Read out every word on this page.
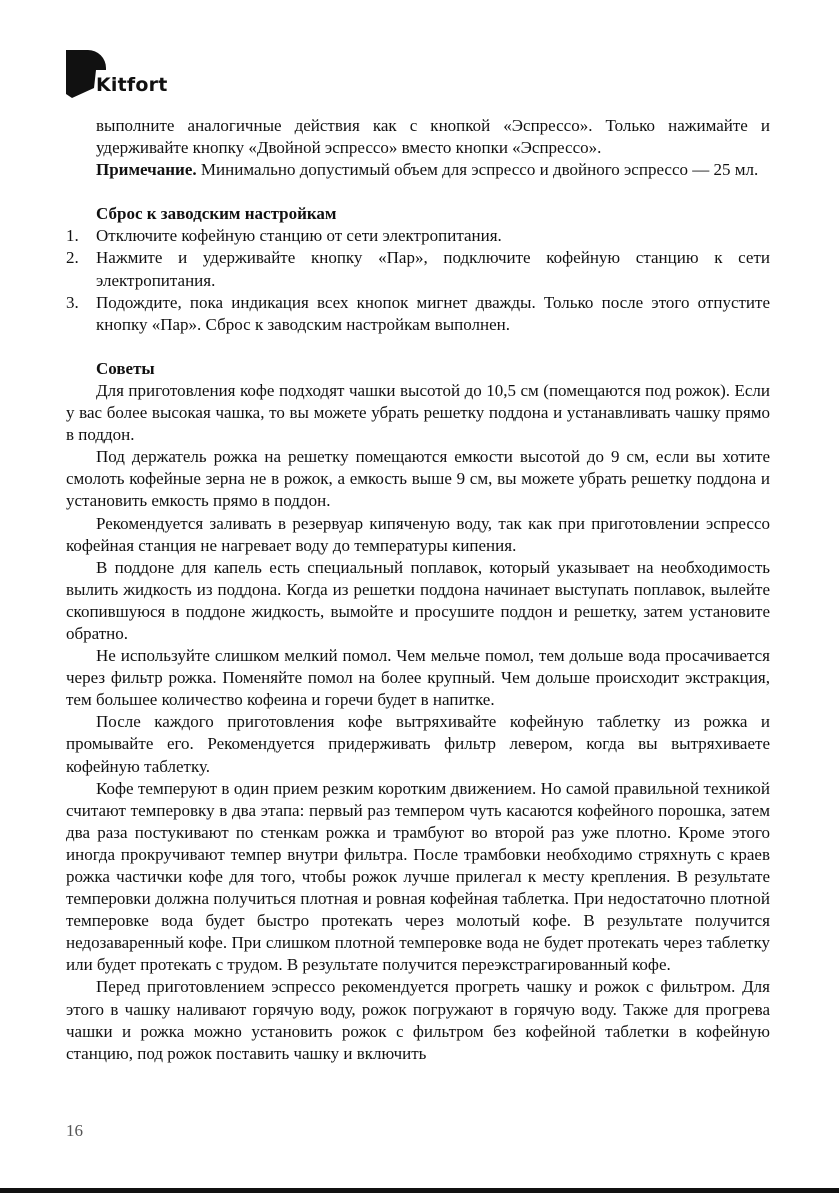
Kitfort

выполните аналогичные действия как с кнопкой «Эспрессо». Только нажимайте и удерживайте кнопку «Двойной эспрессо» вместо кнопки «Эспрессо».

Примечание. Минимально допустимый объем для эспрессо и двойного эспрессо — 25 мл.

Сброс к заводским настройкам

1. Отключите кофейную станцию от сети электропитания.
2. Нажмите и удерживайте кнопку «Пар», подключите кофейную станцию к сети электропитания.
3. Подождите, пока индикация всех кнопок мигнет дважды. Только после этого отпустите кнопку «Пар». Сброс к заводским настройкам выполнен.

Советы

Для приготовления кофе подходят чашки высотой до 10,5 см (помещаются под рожок). Если у вас более высокая чашка, то вы можете убрать решетку поддона и устанавливать чашку прямо в поддон.

Под держатель рожка на решетку помещаются емкости высотой до 9 см, если вы хотите смолоть кофейные зерна не в рожок, а емкость выше 9 см, вы можете убрать решетку поддона и установить емкость прямо в поддон.

Рекомендуется заливать в резервуар кипяченую воду, так как при приготовлении эспрессо кофейная станция не нагревает воду до температуры кипения.

В поддоне для капель есть специальный поплавок, который указывает на необходимость вылить жидкость из поддона. Когда из решетки поддона начинает выступать поплавок, вылейте скопившуюся в поддоне жидкость, вымойте и просушите поддон и решетку, затем установите обратно.

Не используйте слишком мелкий помол. Чем мельче помол, тем дольше вода просачивается через фильтр рожка. Поменяйте помол на более крупный. Чем дольше происходит экстракция, тем большее количество кофеина и горечи будет в напитке.

После каждого приготовления кофе вытряхивайте кофейную таблетку из рожка и промывайте его. Рекомендуется придерживать фильтр левером, когда вы вытряхиваете кофейную таблетку.

Кофе темперуют в один прием резким коротким движением. Но самой правильной техникой считают темперовку в два этапа: первый раз темпером чуть касаются кофейного порошка, затем два раза постукивают по стенкам рожка и трамбуют во второй раз уже плотно. Кроме этого иногда прокручивают темпер внутри фильтра. После трамбовки необходимо стряхнуть с краев рожка частички кофе для того, чтобы рожок лучше прилегал к месту крепления. В результате темперовки должна получиться плотная и ровная кофейная таблетка. При недостаточно плотной темперовке вода будет быстро протекать через молотый кофе. В результате получится недозаваренный кофе. При слишком плотной темперовке вода не будет протекать через таблетку или будет протекать с трудом. В результате получится переэкстрагированный кофе.

Перед приготовлением эспрессо рекомендуется прогреть чашку и рожок с фильтром. Для этого в чашку наливают горячую воду, рожок погружают в горячую воду. Также для прогрева чашки и рожка можно установить рожок с фильтром без кофейной таблетки в кофейную станцию, под рожок поставить чашку и включить

16
